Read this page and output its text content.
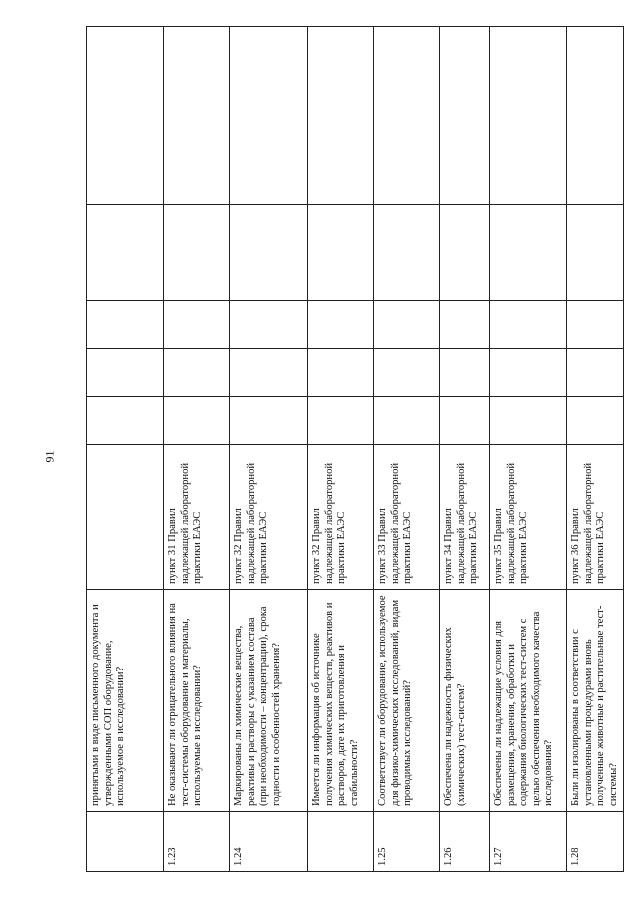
91
	принятыми в виде письменного документа и утвержденными СОП оборудование, используемое в исследовании?						
1.23	Не оказывают ли отрицательного влияния на тест-системы оборудование и материалы, используемые в исследовании?	пункт 31 Правил надлежащей лабораторной практики ЕАЭС					
1.24	Маркированы ли химические вещества, реактивы и растворы с указанием состава (при необходимости – концентрации), срока годности и особенностей хранения?	пункт 32 Правил надлежащей лабораторной практики ЕАЭС					
	Имеется ли информация об источнике получения химических веществ, реактивов и растворов, дате их приготовления и стабильности?	пункт 32 Правил надлежащей лабораторной практики ЕАЭС					
1.25	Соответствует ли оборудование, используемое для физико-химических исследований, видам проводимых исследований?	пункт 33 Правил надлежащей лабораторной практики ЕАЭС					
1.26	Обеспечена ли надежность физических (химических) тест-систем?	пункт 34 Правил надлежащей лабораторной практики ЕАЭС					
1.27	Обеспечены ли надлежащие условия для размещения, хранения, обработки и содержания биологических тест-систем с целью обеспечения необходимого качества исследования?	пункт 35 Правил надлежащей лабораторной практики ЕАЭС					
1.28	Были ли изолированы в соответствии с установленными процедурами вновь полученные животные и растительные тест-системы?	пункт 36 Правил надлежащей лабораторной практики ЕАЭС					
